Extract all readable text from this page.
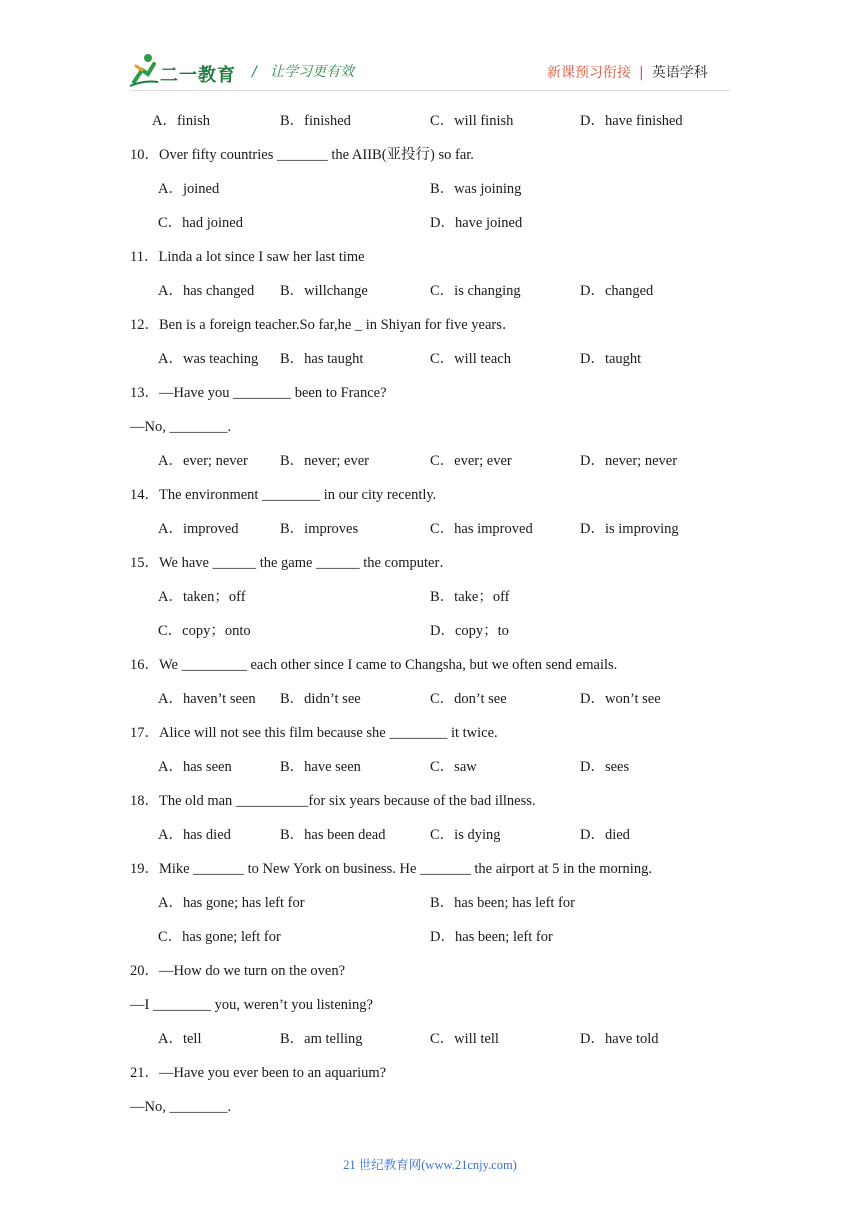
二一教育 / 让学习更有效	新课预习衔接 | 英语学科
A．finish	B．finished	C．will finish	D．have finished
10．Over fifty countries _______ the AIIB(亚投行) so far.
A．joined	B．was joining
C．had joined	D．have joined
11．Linda a lot since I saw her last time
A．has changed B．willchange	C．is changing	D．changed
12．Ben is a foreign teacher.So far,he _ in Shiyan for five years．
A．was teaching B．has taught	C．will teach	D．taught
13．—Have you ________ been to France?
—No, ________.
A．ever; never B．never; ever	C．ever; ever	D．never; never
14．The environment ________ in our city recently.
A．improved	B．improves	C．has improved	D．is improving
15．We have ______ the game ______ the computer．
A．taken；off	B．take；off
C．copy；onto	D．copy；to
16．We _________ each other since I came to Changsha, but we often send emails.
A．haven’t seen B．didn’t see	C．don’t see	D．won’t see
17．Alice will not see this film because she ________ it twice.
A．has seen	B．have seen	C．saw	D．sees
18．The old man __________for six years because of the bad illness.
A．has died	B．has been dead	C．is dying	D．died
19．Mike _______ to New York on business. He _______ the airport at 5 in the morning.
A．has gone; has left for	B．has been; has left for
C．has gone; left for	D．has been; left for
20．—How do we turn on the oven?
—I ________ you, weren’t you listening?
A．tell	B．am telling	C．will tell	D．have told
21．—Have you ever been to an aquarium?
—No, ________.
21 世纪教育网(www.21cnjy.com)
